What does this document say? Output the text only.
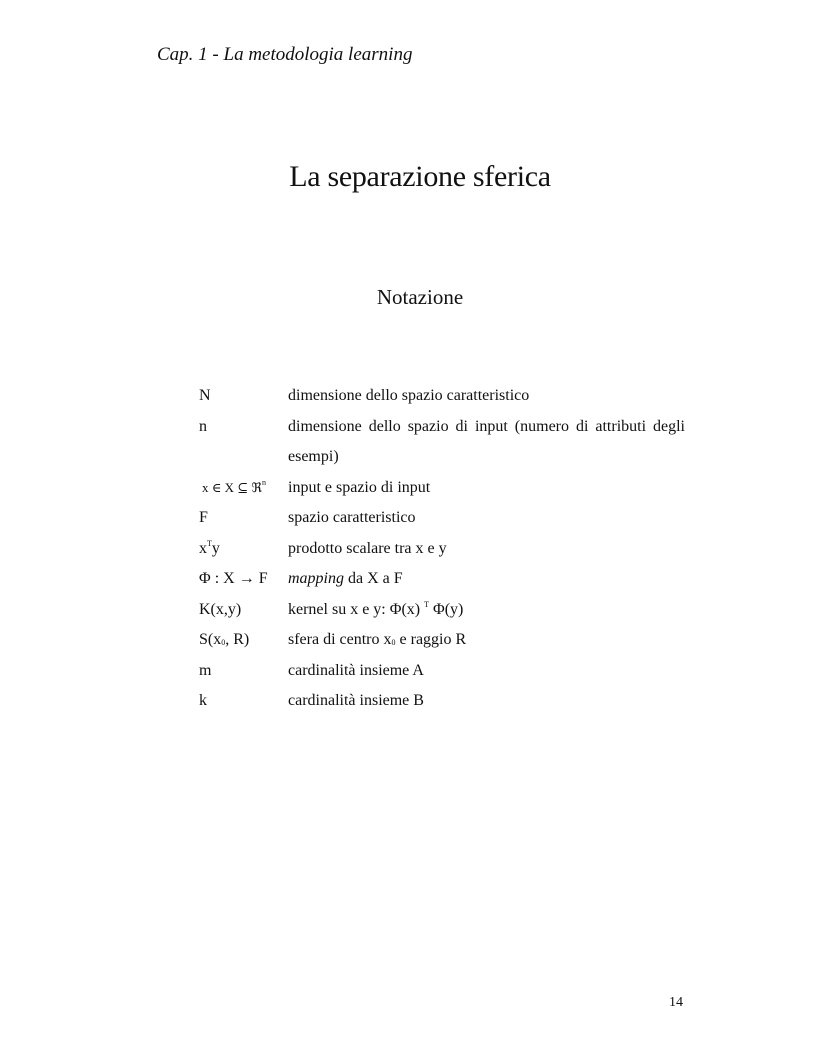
Cap. 1 - La metodologia learning
La separazione sferica
Notazione
N	dimensione dello spazio caratteristico
n	dimensione dello spazio di input (numero di attributi degli esempi)
x ∈ X ⊆ ℜ$^n$	input e spazio di input
F	spazio caratteristico
$x^Ty$	prodotto scalare tra x e y
Φ : X → F	mapping da X a F
K(x,y)	kernel su x e y: Φ(x) $^T$ Φ(y)
$S(x_0$, R)	sfera di centro $x_0$ e raggio R
m	cardinalità insieme A
k	cardinalità insieme B
14
